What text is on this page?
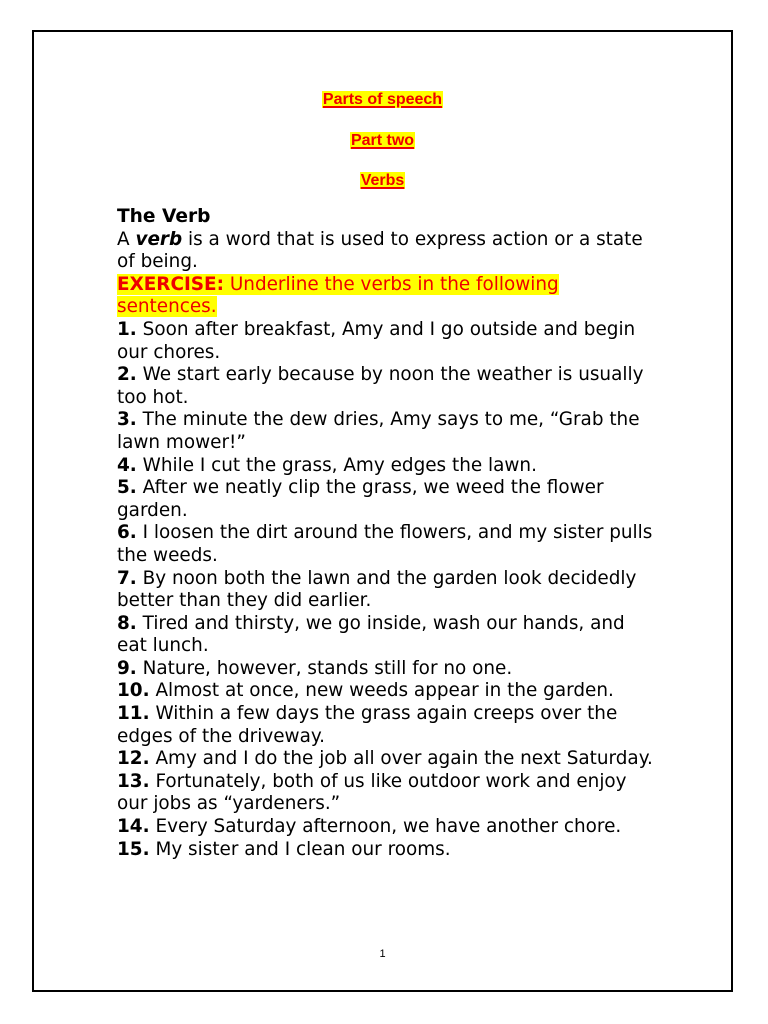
Parts of speech
Part two
Verbs

The Verb

A verb is a word that is used to express action or a state of being.

EXERCISE: Underline the verbs in the following sentences.

1. Soon after breakfast, Amy and I go outside and begin our chores.

2. We start early because by noon the weather is usually too hot.

3. The minute the dew dries, Amy says to me, “Grab the lawn mower!”

4. While I cut the grass, Amy edges the lawn.

5. After we neatly clip the grass, we weed the flower garden.

6. I loosen the dirt around the flowers, and my sister pulls the weeds.

7. By noon both the lawn and the garden look decidedly better than they did earlier.

8. Tired and thirsty, we go inside, wash our hands, and eat lunch.

9. Nature, however, stands still for no one.

10. Almost at once, new weeds appear in the garden.

11. Within a few days the grass again creeps over the edges of the driveway.

12. Amy and I do the job all over again the next Saturday.

13. Fortunately, both of us like outdoor work and enjoy our jobs as “yardeners.”

14. Every Saturday afternoon, we have another chore.

15. My sister and I clean our rooms.

1
